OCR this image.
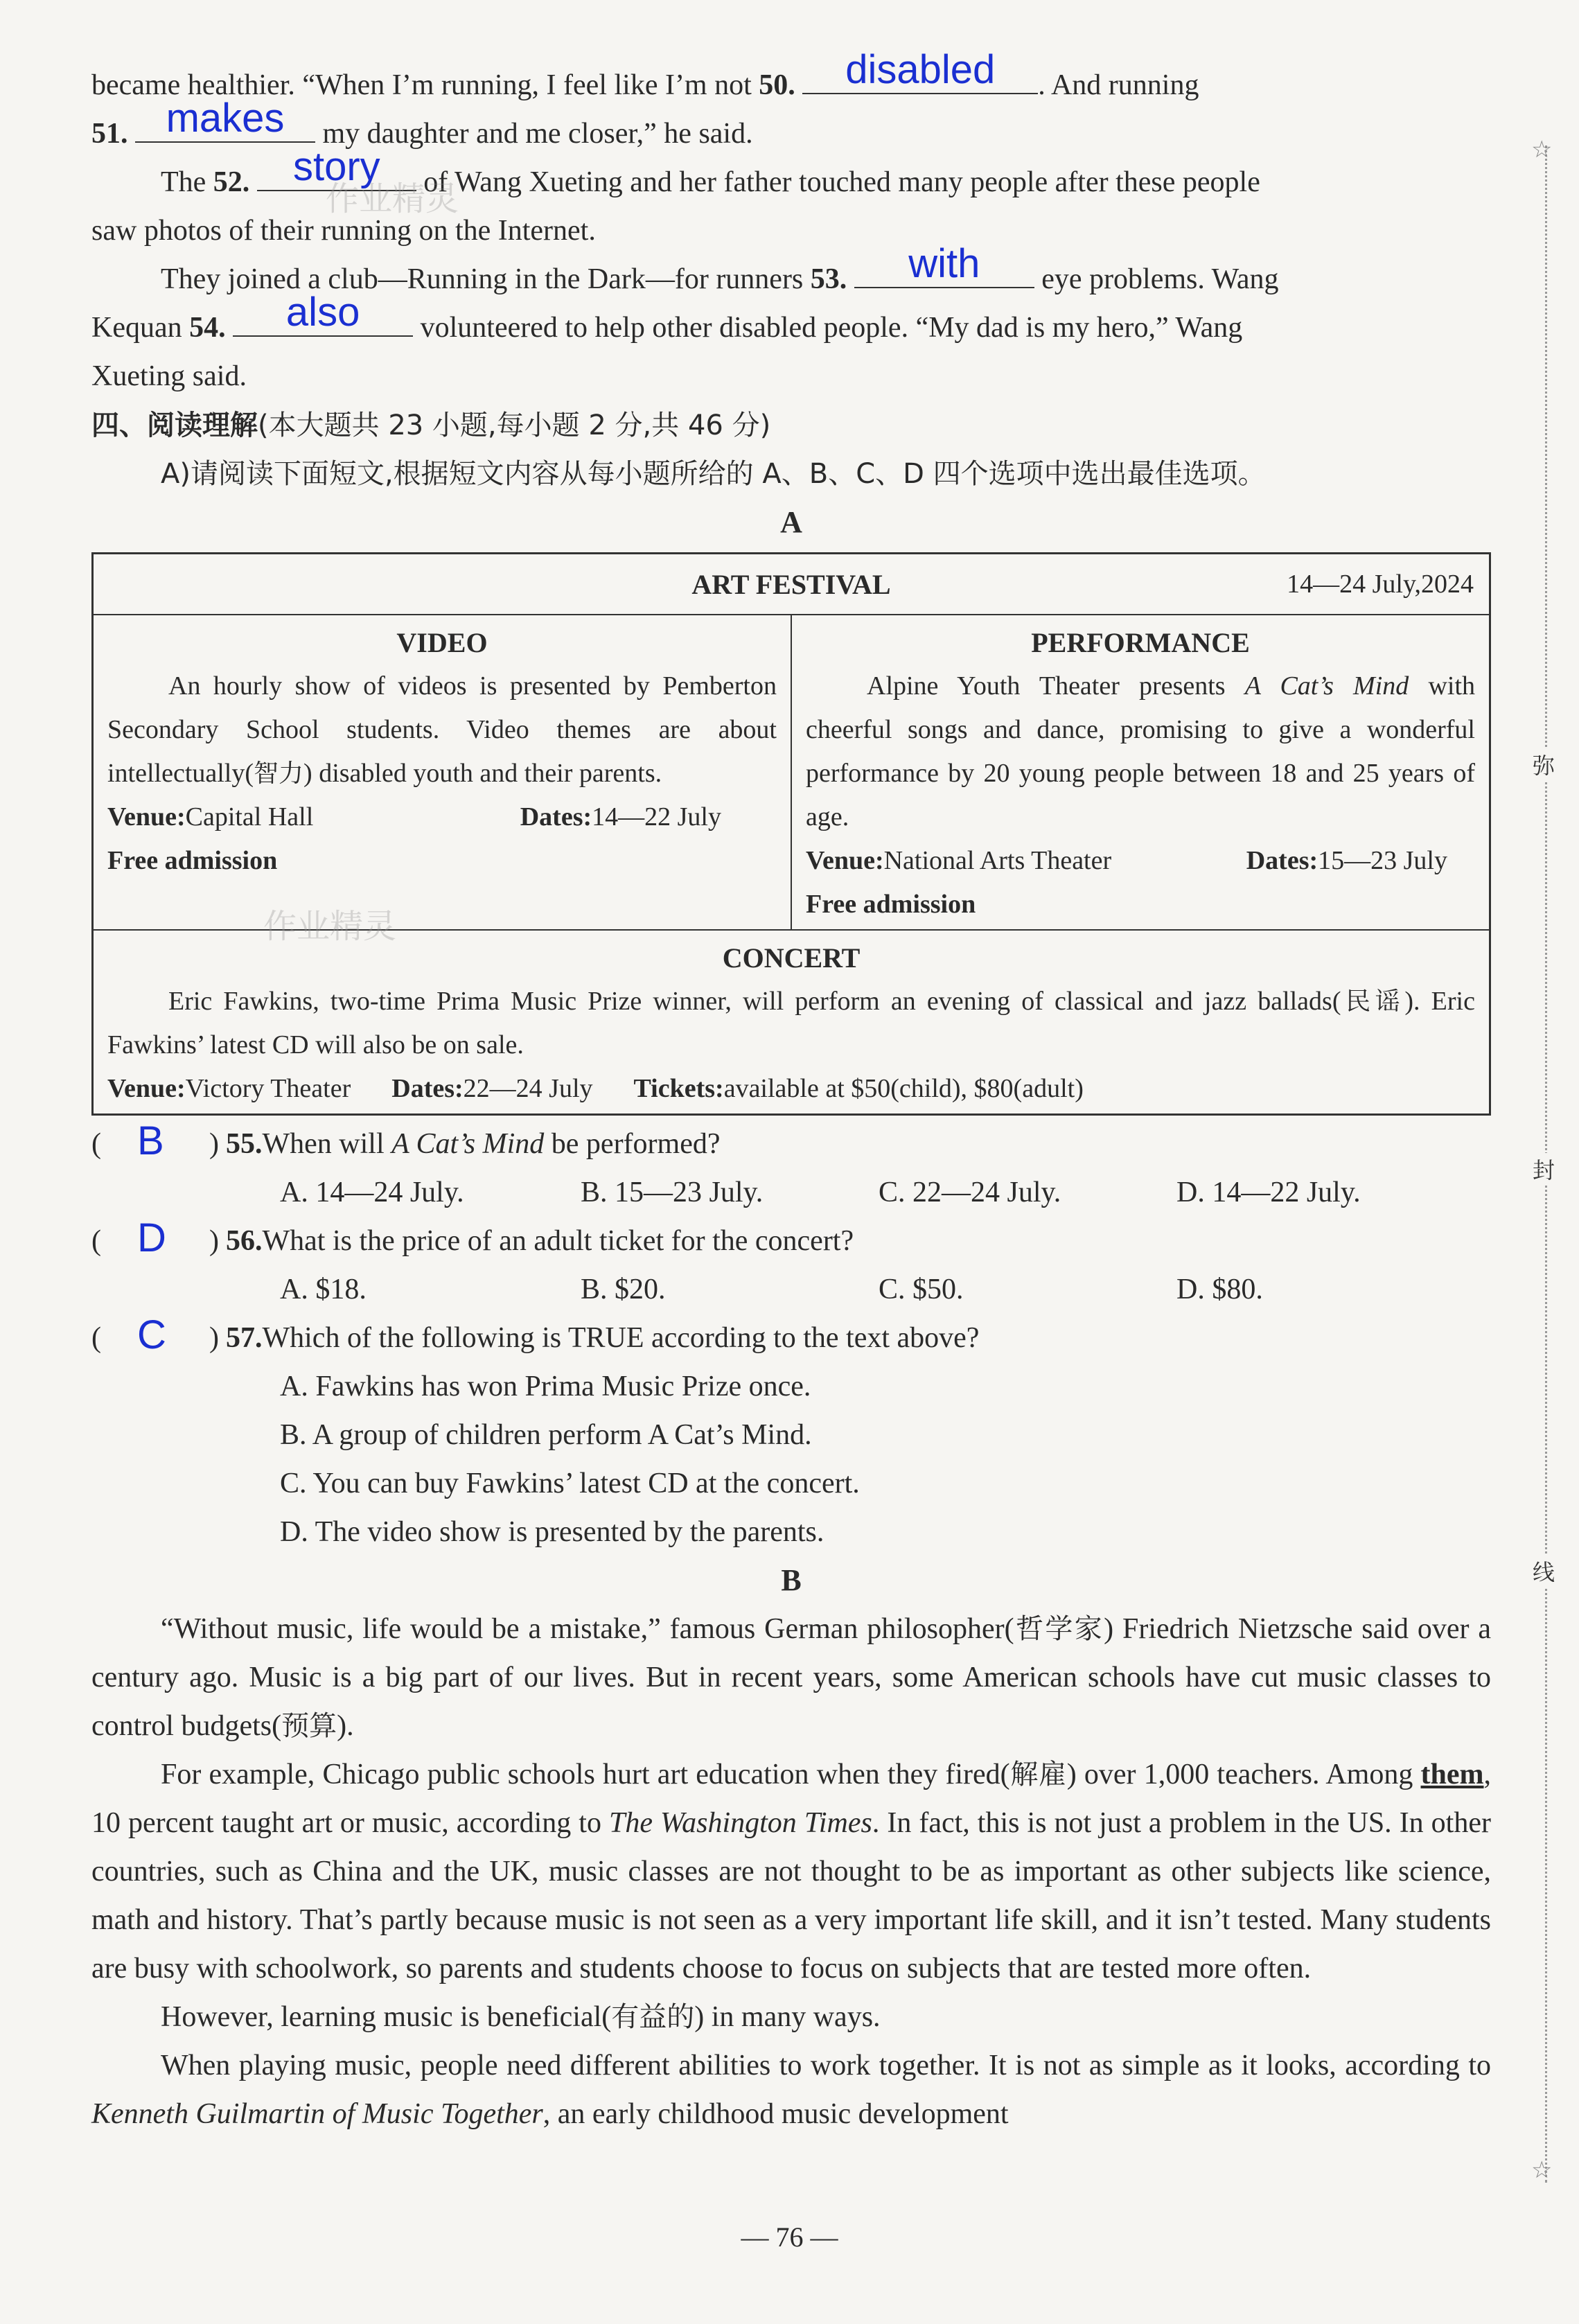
became healthier. “When I’m running, I feel like I’m not 50.	disabled	. And running
51. makes	my daughter and me closer,” he said.
The 52.	story	of Wang Xueting and her father touched many people after these people
saw photos of their running on the Internet.
They joined a club—Running in the Dark—for runners 53.	with	eye problems. Wang
Kequan 54.	also	volunteered to help other disabled people. “My dad is my hero,” Wang
Xueting said.
四、阅读理解(本大题共 23 小题,每小题 2 分,共 46 分)
A)请阅读下面短文,根据短文内容从每小题所给的 A、B、C、D 四个选项中选出最佳选项。
A
ART FESTIVAL	14—24 July,2024
VIDEO
An hourly show of videos is presented by Pemberton Secondary School students. Video themes are about intellectually(智力) disabled youth and their parents.
Venue:Capital Hall	Dates:14—22 July
Free admission
PERFORMANCE
Alpine Youth Theater presents A Cat’s Mind with cheerful songs and dance, promising to give a wonderful performance by 20 young people between 18 and 25 years of age.
Venue:National Arts Theater	Dates:15—23 July
Free admission
CONCERT
Eric Fawkins, two-time Prima Music Prize winner, will perform an evening of classical and jazz ballads(民谣). Eric Fawkins’ latest CD will also be on sale.
Venue:Victory Theater Dates:22—24 July Tickets:available at $50(child), $80(adult)
( B ) 55.When will A Cat’s Mind be performed?
A. 14—24 July.	B. 15—23 July.	C. 22—24 July.	D. 14—22 July.
( D ) 56.What is the price of an adult ticket for the concert?
A. $18.	B. $20.	C. $50.	D. $80.
( C ) 57.Which of the following is TRUE according to the text above?
A. Fawkins has won Prima Music Prize once.
B. A group of children perform A Cat’s Mind.
C. You can buy Fawkins’ latest CD at the concert.
D. The video show is presented by the parents.
B

“Without music, life would be a mistake,” famous German philosopher(哲学家) Friedrich Nietzsche said over a century ago. Music is a big part of our lives. But in recent years, some American schools have cut music classes to control budgets(预算).

For example, Chicago public schools hurt art education when they fired(解雇) over 1,000 teachers. Among them, 10 percent taught art or music, according to The Washington Times. In fact, this is not just a problem in the US. In other countries, such as China and the UK, music classes are not thought to be as important as other subjects like science, math and history. That’s partly because music is not seen as a very important life skill, and it isn’t tested. Many students are busy with schoolwork, so parents and students choose to focus on subjects that are tested more often.

However, learning music is beneficial(有益的) in many ways.

When playing music, people need different abilities to work together. It is not as simple as it looks, according to Kenneth Guilmartin of Music Together, an early childhood music development

— 76 —
☆
☆
弥
封
线
作业精灵
作业精灵
